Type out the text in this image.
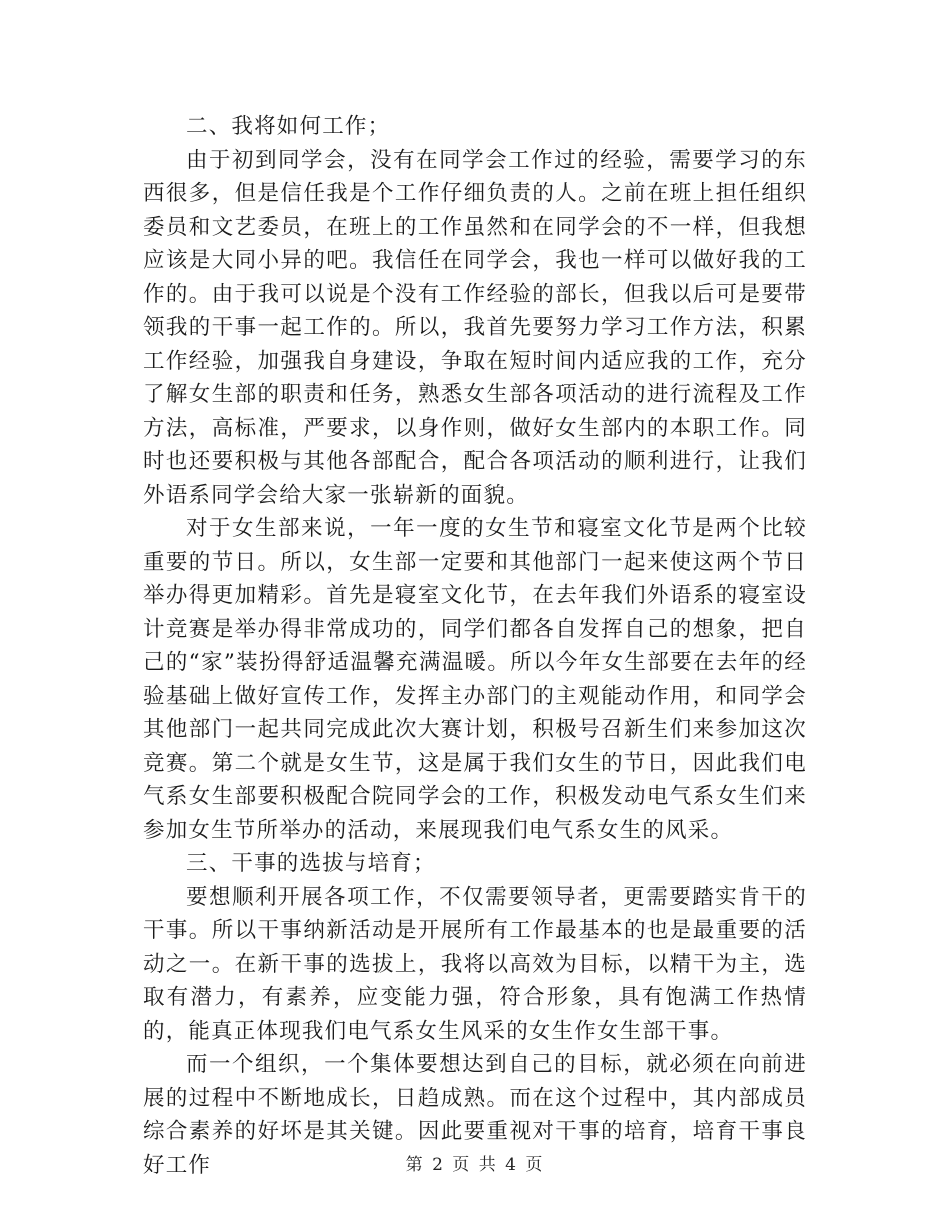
二、我将如何工作；

由于初到同学会，没有在同学会工作过的经验，需要学习的东西很多，但是信任我是个工作仔细负责的人。之前在班上担任组织委员和文艺委员，在班上的工作虽然和在同学会的不一样，但我想应该是大同小异的吧。我信任在同学会，我也一样可以做好我的工作的。由于我可以说是个没有工作经验的部长，但我以后可是要带领我的干事一起工作的。所以，我首先要努力学习工作方法，积累工作经验，加强我自身建设，争取在短时间内适应我的工作，充分了解女生部的职责和任务，熟悉女生部各项活动的进行流程及工作方法，高标准，严要求，以身作则，做好女生部内的本职工作。同时也还要积极与其他各部配合，配合各项活动的顺利进行，让我们外语系同学会给大家一张崭新的面貌。

对于女生部来说，一年一度的女生节和寝室文化节是两个比较重要的节日。所以，女生部一定要和其他部门一起来使这两个节日举办得更加精彩。首先是寝室文化节，在去年我们外语系的寝室设计竞赛是举办得非常成功的，同学们都各自发挥自己的想象，把自己的“家”装扮得舒适温馨充满温暖。所以今年女生部要在去年的经验基础上做好宣传工作，发挥主办部门的主观能动作用，和同学会其他部门一起共同完成此次大赛计划，积极号召新生们来参加这次竞赛。第二个就是女生节，这是属于我们女生的节日，因此我们电气系女生部要积极配合院同学会的工作，积极发动电气系女生们来参加女生节所举办的活动，来展现我们电气系女生的风采。

三、干事的选拔与培育；

要想顺利开展各项工作，不仅需要领导者，更需要踏实肯干的干事。所以干事纳新活动是开展所有工作最基本的也是最重要的活动之一。在新干事的选拔上，我将以高效为目标，以精干为主，选取有潜力，有素养，应变能力强，符合形象，具有饱满工作热情的，能真正体现我们电气系女生风采的女生作女生部干事。

而一个组织，一个集体要想达到自己的目标，就必须在向前进展的过程中不断地成长，日趋成熟。而在这个过程中，其内部成员综合素养的好坏是其关键。因此要重视对干事的培育，培育干事良好工作	第 2 页 共 4 页
